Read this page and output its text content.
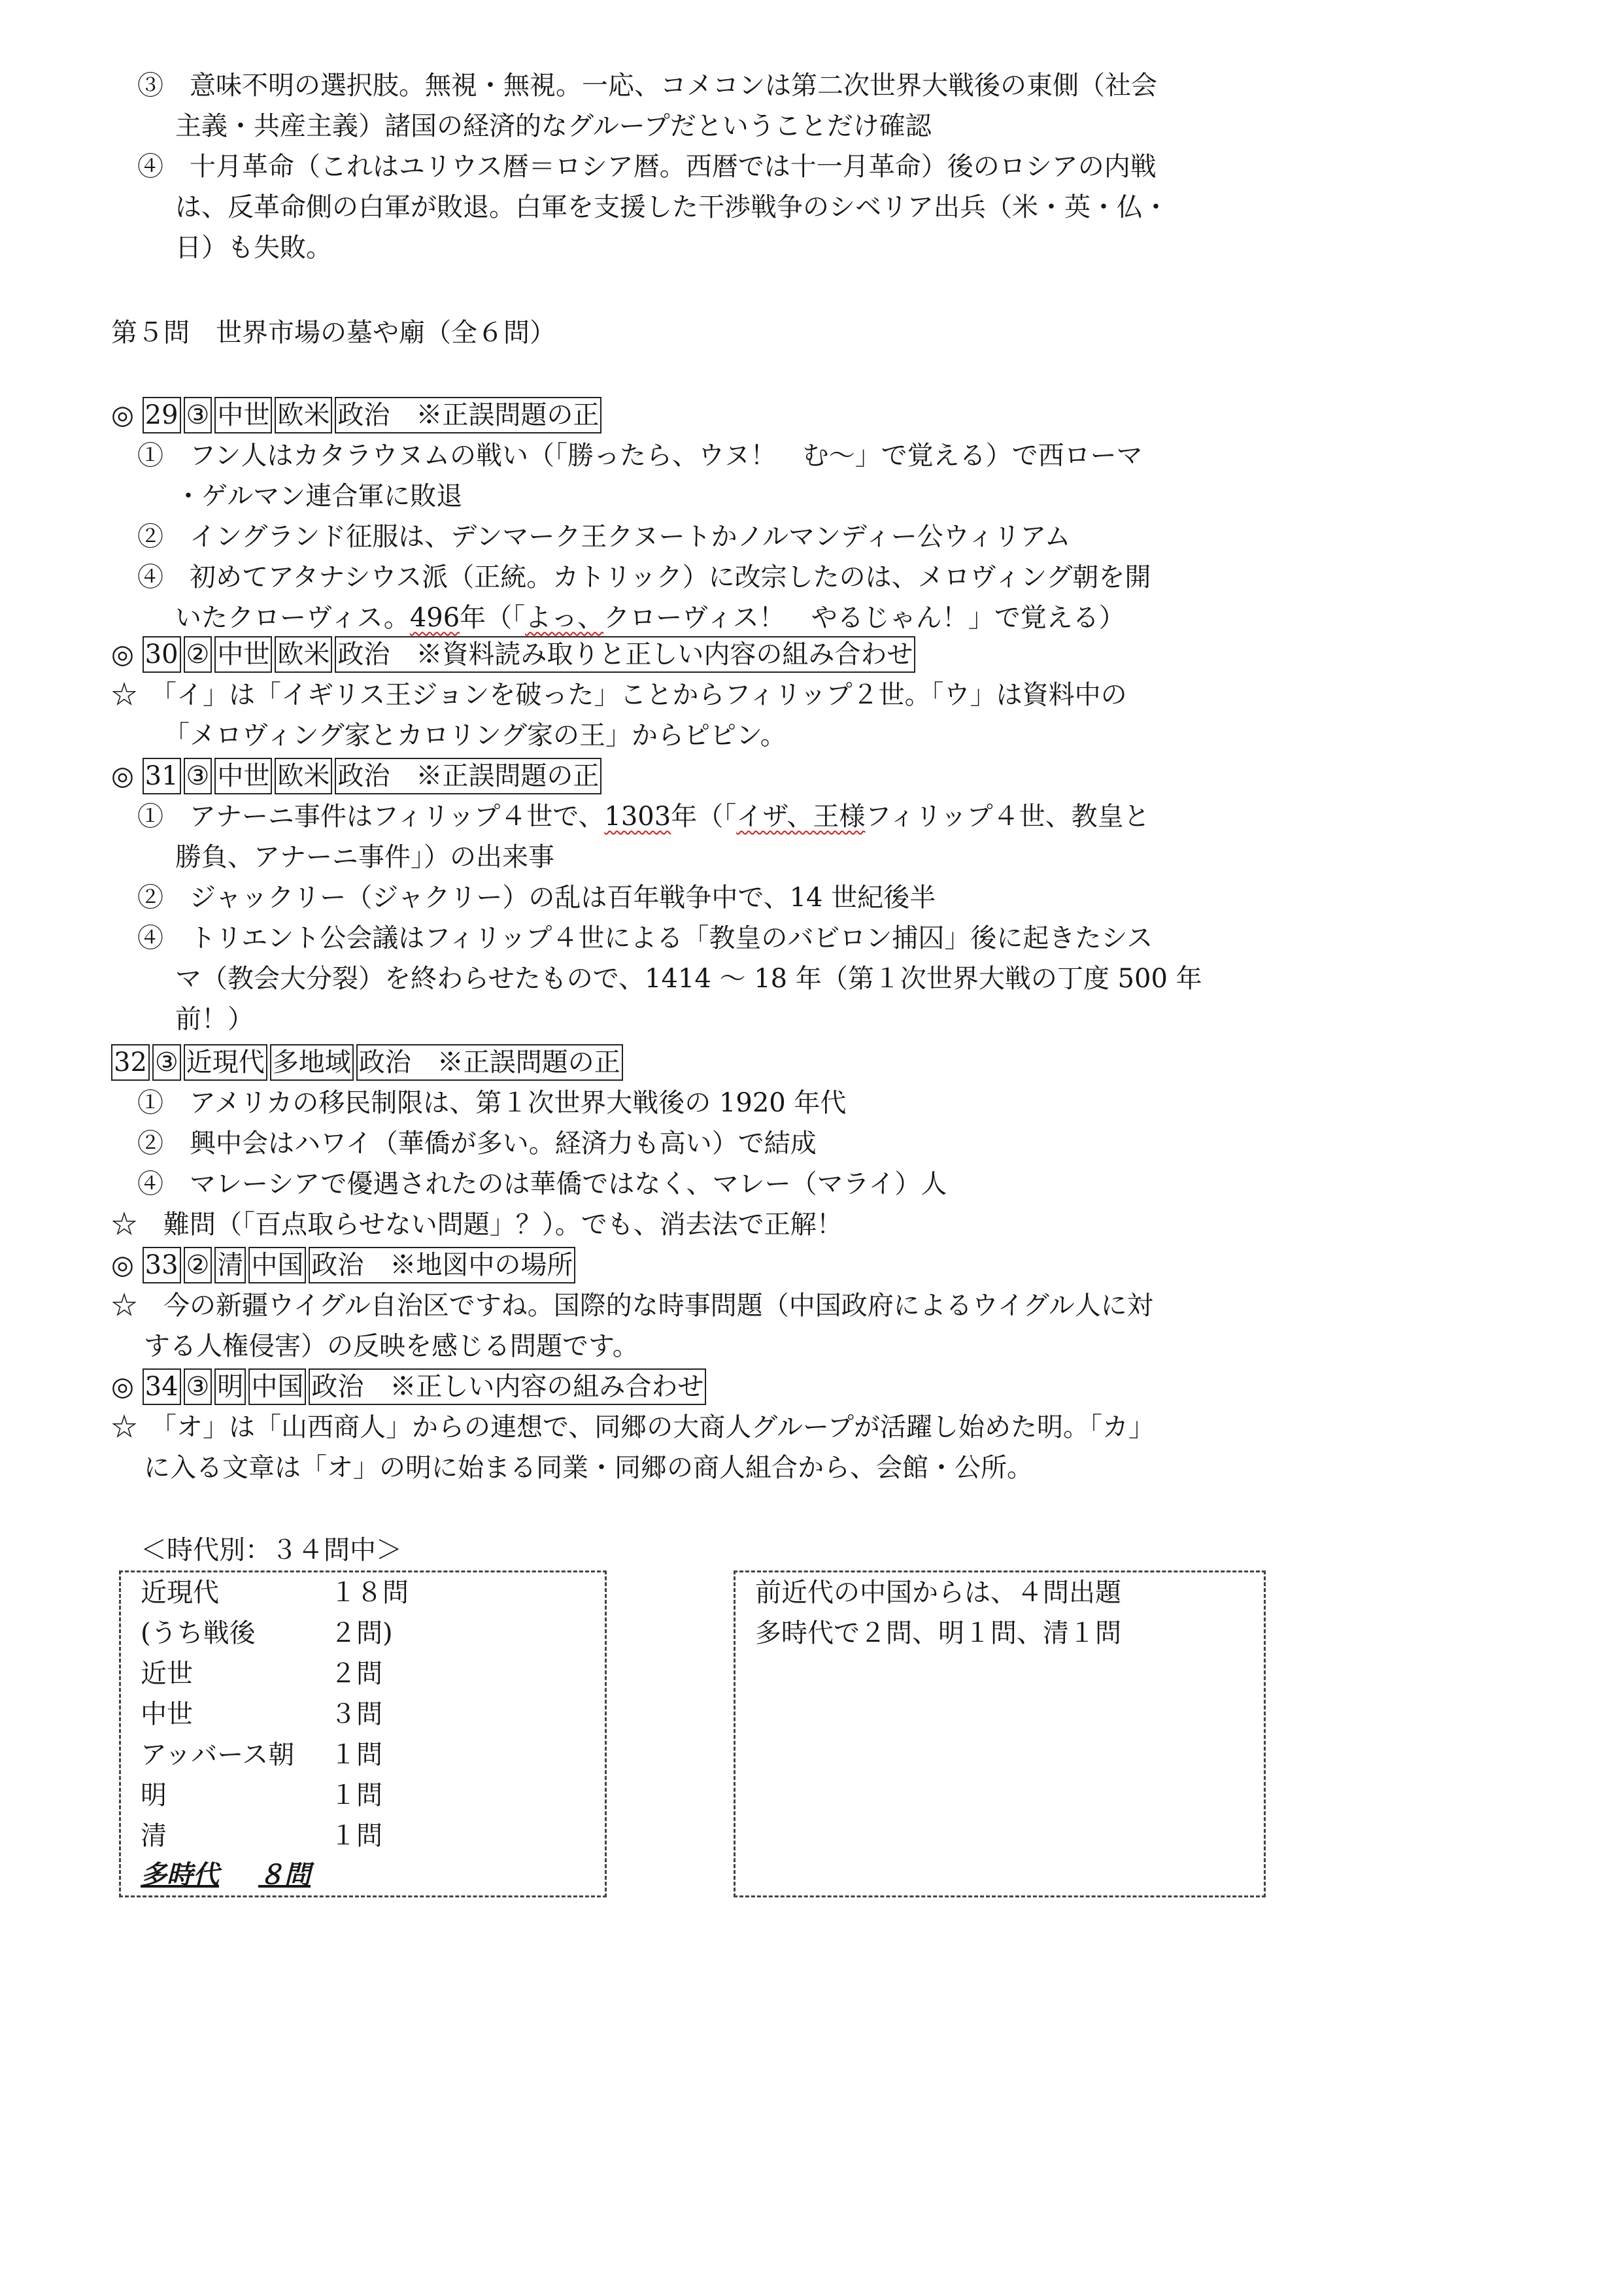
③　意味不明の選択肢。無視・無視。一応、コメコンは第二次世界大戦後の東側（社会
主義・共産主義）諸国の経済的なグループだということだけ確認
④　十月革命（これはユリウス暦＝ロシア暦。西暦では十一月革命）後のロシアの内戦
は、反革命側の白軍が敗退。白軍を支援した干渉戦争のシベリア出兵（米・英・仏・
日）も失敗。
第５問　世界市場の墓や廟（全６問）
◎ 29 ③ 中世 欧米 政治　※正誤問題の正
①　フン人はカタラウヌムの戦い（「勝ったら、ウヌ！　む〜」で覚える）で西ローマ
・ゲルマン連合軍に敗退
②　イングランド征服は、デンマーク王クヌートかノルマンディー公ウィリアム
④　初めてアタナシウス派（正統。カトリック）に改宗したのは、メロヴィング朝を開
いたクローヴィス。496年（「よっ、クローヴィス！　やるじゃん！」で覚える）
◎ 30 ② 中世 欧米 政治　※資料読み取りと正しい内容の組み合わせ
☆　「イ」は「イギリス王ジョンを破った」ことからフィリップ２世。「ウ」は資料中の
「メロヴィング家とカロリング家の王」からピピン。
◎ 31 ③ 中世 欧米 政治　※正誤問題の正
①　アナーニ事件はフィリップ４世で、1303年（「イザ、王様フィリップ４世、教皇と
勝負、アナーニ事件」）の出来事
②　ジャックリー（ジャクリー）の乱は百年戦争中で、14 世紀後半
④　トリエント公会議はフィリップ４世による「教皇のバビロン捕囚」後に起きたシス
マ（教会大分裂）を終わらせたもので、1414 〜 18 年（第１次世界大戦の丁度 500 年
前！）
32 ③ 近現代 多地域 政治　※正誤問題の正
①　アメリカの移民制限は、第１次世界大戦後の 1920 年代
②　興中会はハワイ（華僑が多い。経済力も高い）で結成
④　マレーシアで優遇されたのは華僑ではなく、マレー（マライ）人
☆　難問（「百点取らせない問題」？）。でも、消去法で正解！
◎ 33 ② 清 中国 政治　※地図中の場所
☆　今の新疆ウイグル自治区ですね。国際的な時事問題（中国政府によるウイグル人に対
する人権侵害）の反映を感じる問題です。
◎ 34 ③ 明 中国 政治　※正しい内容の組み合わせ
☆　「オ」は「山西商人」からの連想で、同郷の大商人グループが活躍し始めた明。「カ」
に入る文章は「オ」の明に始まる同業・同郷の商人組合から、会館・公所。
＜時代別：３４問中＞
近現代	１８問
(うち戦後	２問)
近世	２問
中世	３問
アッバース朝 １問
明	１問
清	１問
多時代 ８問
前近代の中国からは、４問出題
多時代で２問、明１問、清１問
